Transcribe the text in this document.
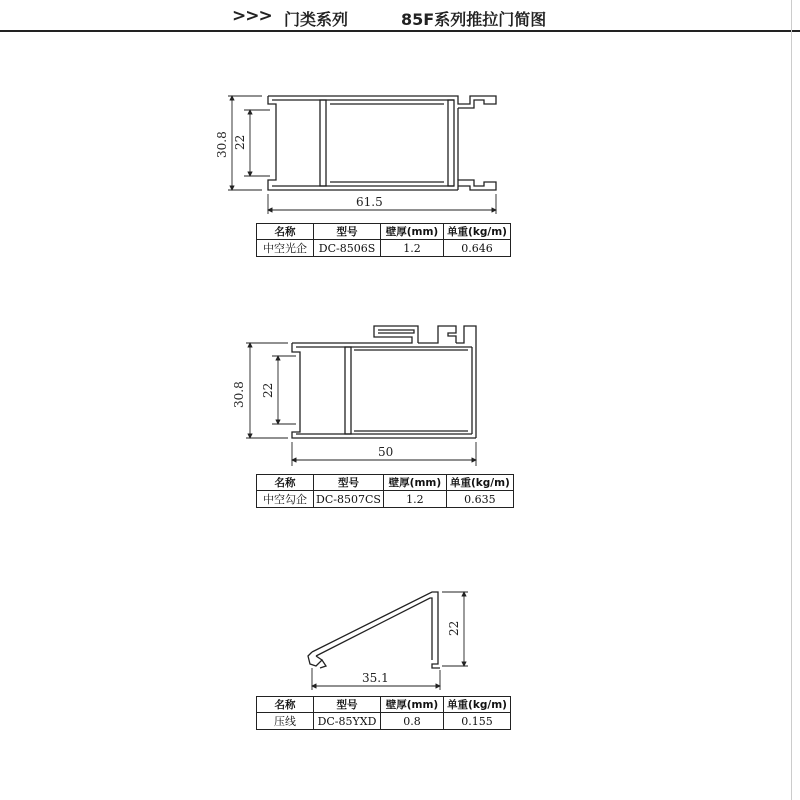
>>> 门类系列	85F系列推拉门简图
30.8 22
61.5
30.8 22
50
22
35.1
名称	型号	壁厚(mm)	单重(kg/m)
中空光企	DC-8506S	1.2	0.646
名称	型号	壁厚(mm)	单重(kg/m)
中空勾企	DC-8507CS	1.2	0.635
名称	型号	壁厚(mm)	单重(kg/m)
压线	DC-85YXD	0.8	0.155
